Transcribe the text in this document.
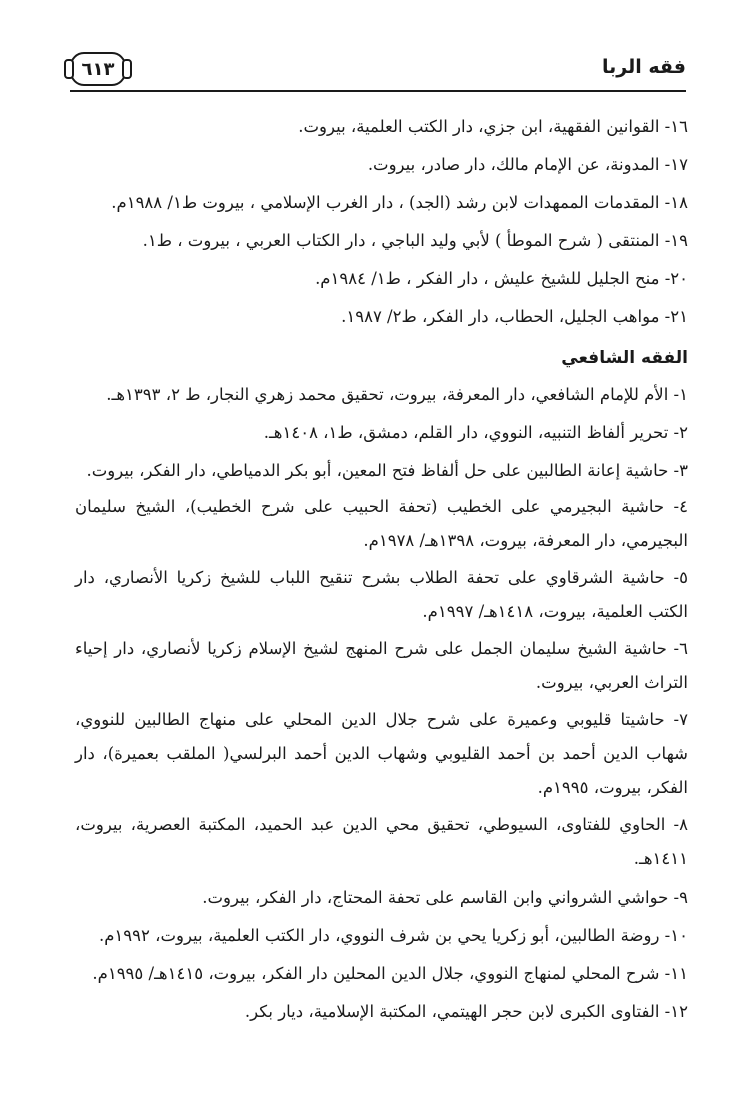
٦١٣	فقه الربا

١٦- القوانين الفقهية، ابن جزي، دار الكتب العلمية، بيروت.

١٧- المدونة، عن الإمام مالك، دار صادر، بيروت.

١٨- المقدمات الممهدات لابن رشد (الجد) ، دار الغرب الإسلامي ، بيروت ط١/ ١٩٨٨م.

١٩- المنتقى ( شرح الموطأ ) لأبي وليد الباجي ، دار الكتاب العربي ، بيروت ، ط١.

٢٠- منح الجليل للشيخ عليش ، دار الفكر ، ط١/ ١٩٨٤م.

٢١- مواهب الجليل، الحطاب، دار الفكر، ط٢/ ١٩٨٧.

الفقه الشافعي

١- الأم للإمام الشافعي، دار المعرفة، بيروت، تحقيق محمد زهري النجار، ط ٢، ١٣٩٣هـ.

٢- تحرير ألفاظ التنبيه، النووي، دار القلم، دمشق، ط١، ١٤٠٨هـ.

٣- حاشية إعانة الطالبين على حل ألفاظ فتح المعين، أبو بكر الدمياطي، دار الفكر، بيروت.

٤- حاشية البجيرمي على الخطيب (تحفة الحبيب على شرح الخطيب)، الشيخ سليمان البجيرمي، دار المعرفة، بيروت، ١٣٩٨هـ/ ١٩٧٨م.

٥- حاشية الشرقاوي على تحفة الطلاب بشرح تنقيح اللباب للشيخ زكريا الأنصاري، دار الكتب العلمية، بيروت، ١٤١٨هـ/ ١٩٩٧م.

٦- حاشية الشيخ سليمان الجمل على شرح المنهج لشيخ الإسلام زكريا لأنصاري، دار إحياء التراث العربي، بيروت.

٧- حاشيتا قليوبي وعميرة على شرح جلال الدين المحلي على منهاج الطالبين للنووي، شهاب الدين أحمد بن أحمد القليوبي وشهاب الدين أحمد البرلسي( الملقب بعميرة)، دار الفكر، بيروت، ١٩٩٥م.

٨- الحاوي للفتاوى، السيوطي، تحقيق محي الدين عبد الحميد، المكتبة العصرية، بيروت، ١٤١١هـ.

٩- حواشي الشرواني وابن القاسم على تحفة المحتاج، دار الفكر، بيروت.

١٠- روضة الطالبين، أبو زكريا يحي بن شرف النووي، دار الكتب العلمية، بيروت، ١٩٩٢م.

١١- شرح المحلي لمنهاج النووي، جلال الدين المحلين دار الفكر، بيروت، ١٤١٥هـ/ ١٩٩٥م.

١٢- الفتاوى الكبرى لابن حجر الهيتمي، المكتبة الإسلامية، ديار بكر.
